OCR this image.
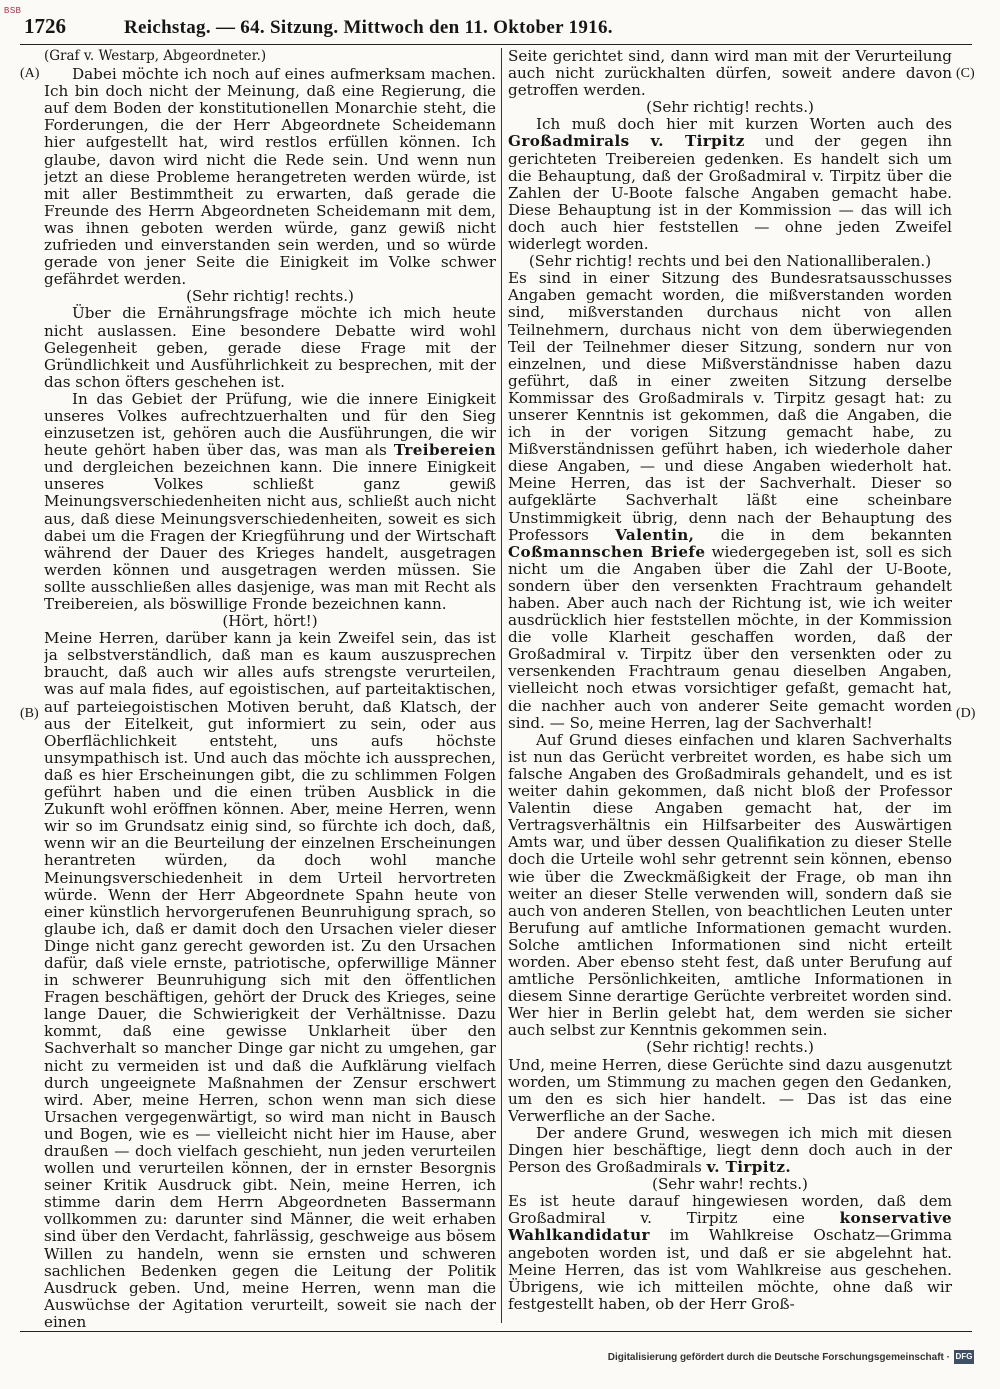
BSB
1726	Reichstag. — 64. Sitzung. Mittwoch den 11. Oktober 1916.
(A)
(B)
(C)
(D)
(Graf v. Westarp, Abgeordneter.)

Dabei möchte ich noch auf eines aufmerksam machen. Ich bin doch nicht der Meinung, daß eine Regierung, die auf dem Boden der konstitutionellen Monarchie steht, die Forderungen, die der Herr Abgeordnete Scheidemann hier aufgestellt hat, wird restlos erfüllen können. Ich glaube, davon wird nicht die Rede sein. Und wenn nun jetzt an diese Probleme herangetreten werden würde, ist mit aller Bestimmtheit zu erwarten, daß gerade die Freunde des Herrn Abgeordneten Scheidemann mit dem, was ihnen geboten werden würde, ganz gewiß nicht zufrieden und einverstanden sein werden, und so würde gerade von jener Seite die Einigkeit im Volke schwer gefährdet werden.

(Sehr richtig! rechts.)

Über die Ernährungsfrage möchte ich mich heute nicht auslassen. Eine besondere Debatte wird wohl Gelegenheit geben, gerade diese Frage mit der Gründlichkeit und Ausführlichkeit zu besprechen, mit der das schon öfters geschehen ist.

In das Gebiet der Prüfung, wie die innere Einigkeit unseres Volkes aufrechtzuerhalten und für den Sieg einzusetzen ist, gehören auch die Ausführungen, die wir heute gehört haben über das, was man als Treibereien und dergleichen bezeichnen kann. Die innere Einigkeit unseres Volkes schließt ganz gewiß Meinungsverschiedenheiten nicht aus, schließt auch nicht aus, daß diese Meinungsverschiedenheiten, soweit es sich dabei um die Fragen der Kriegführung und der Wirtschaft während der Dauer des Krieges handelt, ausgetragen werden können und ausgetragen werden müssen. Sie sollte ausschließen alles dasjenige, was man mit Recht als Treibereien, als böswillige Fronde bezeichnen kann.

(Hört, hört!)

Meine Herren, darüber kann ja kein Zweifel sein, das ist ja selbstverständlich, daß man es kaum auszusprechen braucht, daß auch wir alles aufs strengste verurteilen, was auf mala fides, auf egoistischen, auf parteitaktischen, auf parteiegoistischen Motiven beruht, daß Klatsch, der aus der Eitelkeit, gut informiert zu sein, oder aus Oberflächlichkeit entsteht, uns aufs höchste unsympathisch ist. Und auch das möchte ich aussprechen, daß es hier Erscheinungen gibt, die zu schlimmen Folgen geführt haben und die einen trüben Ausblick in die Zukunft wohl eröffnen können. Aber, meine Herren, wenn wir so im Grundsatz einig sind, so fürchte ich doch, daß, wenn wir an die Beurteilung der einzelnen Erscheinungen herantreten würden, da doch wohl manche Meinungsverschiedenheit in dem Urteil hervortreten würde. Wenn der Herr Abgeordnete Spahn heute von einer künstlich hervorgerufenen Beunruhigung sprach, so glaube ich, daß er damit doch den Ursachen vieler dieser Dinge nicht ganz gerecht geworden ist. Zu den Ursachen dafür, daß viele ernste, patriotische, opferwillige Männer in schwerer Beunruhigung sich mit den öffentlichen Fragen beschäftigen, gehört der Druck des Krieges, seine lange Dauer, die Schwierigkeit der Verhältnisse. Dazu kommt, daß eine gewisse Unklarheit über den Sachverhalt so mancher Dinge gar nicht zu umgehen, gar nicht zu vermeiden ist und daß die Aufklärung vielfach durch ungeeignete Maßnahmen der Zensur erschwert wird. Aber, meine Herren, schon wenn man sich diese Ursachen vergegenwärtigt, so wird man nicht in Bausch und Bogen, wie es — vielleicht nicht hier im Hause, aber draußen — doch vielfach geschieht, nun jeden verurteilen wollen und verurteilen können, der in ernster Besorgnis seiner Kritik Ausdruck gibt. Nein, meine Herren, ich stimme darin dem Herrn Abgeordneten Bassermann vollkommen zu: darunter sind Männer, die weit erhaben sind über den Verdacht, fahrlässig, geschweige aus bösem Willen zu handeln, wenn sie ernsten und schweren sachlichen Bedenken gegen die Leitung der Politik Ausdruck geben. Und, meine Herren, wenn man die Auswüchse der Agitation verurteilt, soweit sie nach der einen

Seite gerichtet sind, dann wird man mit der Verurteilung auch nicht zurückhalten dürfen, soweit andere davon getroffen werden.

(Sehr richtig! rechts.)

Ich muß doch hier mit kurzen Worten auch des Großadmirals v. Tirpitz und der gegen ihn gerichteten Treibereien gedenken. Es handelt sich um die Behauptung, daß der Großadmiral v. Tirpitz über die Zahlen der U-Boote falsche Angaben gemacht habe. Diese Behauptung ist in der Kommission — das will ich doch auch hier feststellen — ohne jeden Zweifel widerlegt worden.

(Sehr richtig! rechts und bei den Nationalliberalen.)

Es sind in einer Sitzung des Bundesratsausschusses Angaben gemacht worden, die mißverstanden worden sind, mißverstanden durchaus nicht von allen Teilnehmern, durchaus nicht von dem überwiegenden Teil der Teilnehmer dieser Sitzung, sondern nur von einzelnen, und diese Mißverständnisse haben dazu geführt, daß in einer zweiten Sitzung derselbe Kommissar des Großadmirals v. Tirpitz gesagt hat: zu unserer Kenntnis ist gekommen, daß die Angaben, die ich in der vorigen Sitzung gemacht habe, zu Mißverständnissen geführt haben, ich wiederhole daher diese Angaben, — und diese Angaben wiederholt hat. Meine Herren, das ist der Sachverhalt. Dieser so aufgeklärte Sachverhalt läßt eine scheinbare Unstimmigkeit übrig, denn nach der Behauptung des Professors Valentin, die in dem bekannten Coßmannschen Briefe wiedergegeben ist, soll es sich nicht um die Angaben über die Zahl der U-Boote, sondern über den versenkten Frachtraum gehandelt haben. Aber auch nach der Richtung ist, wie ich weiter ausdrücklich hier feststellen möchte, in der Kommission die volle Klarheit geschaffen worden, daß der Großadmiral v. Tirpitz über den versenkten oder zu versenkenden Frachtraum genau dieselben Angaben, vielleicht noch etwas vorsichtiger gefaßt, gemacht hat, die nachher auch von anderer Seite gemacht worden sind. — So, meine Herren, lag der Sachverhalt!

Auf Grund dieses einfachen und klaren Sachverhalts ist nun das Gerücht verbreitet worden, es habe sich um falsche Angaben des Großadmirals gehandelt, und es ist weiter dahin gekommen, daß nicht bloß der Professor Valentin diese Angaben gemacht hat, der im Vertragsverhältnis ein Hilfsarbeiter des Auswärtigen Amts war, und über dessen Qualifikation zu dieser Stelle doch die Urteile wohl sehr getrennt sein können, ebenso wie über die Zweckmäßigkeit der Frage, ob man ihn weiter an dieser Stelle verwenden will, sondern daß sie auch von anderen Stellen, von beachtlichen Leuten unter Berufung auf amtliche Informationen gemacht wurden. Solche amtlichen Informationen sind nicht erteilt worden. Aber ebenso steht fest, daß unter Berufung auf amtliche Persönlichkeiten, amtliche Informationen in diesem Sinne derartige Gerüchte verbreitet worden sind. Wer hier in Berlin gelebt hat, dem werden sie sicher auch selbst zur Kenntnis gekommen sein.

(Sehr richtig! rechts.)

Und, meine Herren, diese Gerüchte sind dazu ausgenutzt worden, um Stimmung zu machen gegen den Gedanken, um den es sich hier handelt. — Das ist das eine Verwerfliche an der Sache.

Der andere Grund, weswegen ich mich mit diesen Dingen hier beschäftige, liegt denn doch auch in der Person des Großadmirals v. Tirpitz.

(Sehr wahr! rechts.)

Es ist heute darauf hingewiesen worden, daß dem Großadmiral v. Tirpitz eine konservative Wahlkandidatur im Wahlkreise Oschatz—Grimma angeboten worden ist, und daß er sie abgelehnt hat. Meine Herren, das ist vom Wahlkreise aus geschehen. Übrigens, wie ich mitteilen möchte, ohne daß wir festgestellt haben, ob der Herr Groß-

Digitalisierung gefördert durch die Deutsche Forschungsgemeinschaft · DFG
